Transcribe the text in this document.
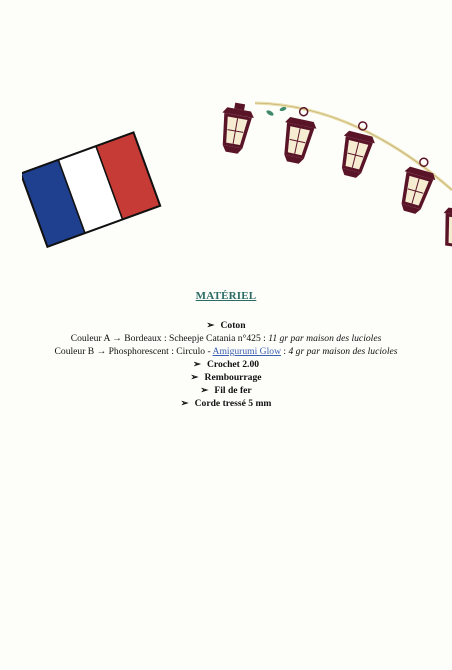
MATÉRIEL
➢ Coton
Couleur A → Bordeaux : Scheepje Catania n°425 : 11 gr par maison des lucioles
Couleur B → Phosphorescent : Circulo - Amigurumi Glow : 4 gr par maison des lucioles
➢ Crochet 2.00
➢ Rembourrage
➢ Fil de fer
➢ Corde tressé 5 mm
